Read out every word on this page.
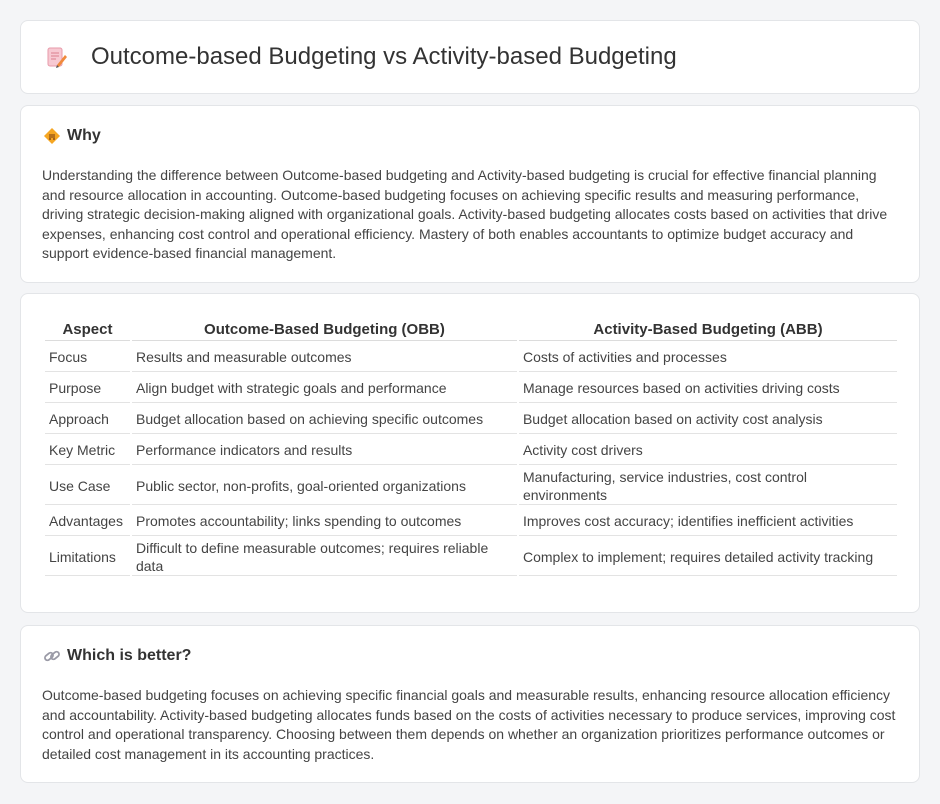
Outcome-based Budgeting vs Activity-based Budgeting
Why

Understanding the difference between Outcome-based budgeting and Activity-based budgeting is crucial for effective financial planning and resource allocation in accounting. Outcome-based budgeting focuses on achieving specific results and measuring performance, driving strategic decision-making aligned with organizational goals. Activity-based budgeting allocates costs based on activities that drive expenses, enhancing cost control and operational efficiency. Mastery of both enables accountants to optimize budget accuracy and support evidence-based financial management.

Aspect	Outcome-Based Budgeting (OBB)	Activity-Based Budgeting (ABB)
Focus	Results and measurable outcomes	Costs of activities and processes
Purpose	Align budget with strategic goals and performance	Manage resources based on activities driving costs
Approach	Budget allocation based on achieving specific outcomes	Budget allocation based on activity cost analysis
Key Metric	Performance indicators and results	Activity cost drivers
Use Case	Public sector, non-profits, goal-oriented organizations	Manufacturing, service industries, cost control environments
Advantages	Promotes accountability; links spending to outcomes	Improves cost accuracy; identifies inefficient activities
Limitations	Difficult to define measurable outcomes; requires reliable data	Complex to implement; requires detailed activity tracking
Which is better?

Outcome-based budgeting focuses on achieving specific financial goals and measurable results, enhancing resource allocation efficiency and accountability. Activity-based budgeting allocates funds based on the costs of activities necessary to produce services, improving cost control and operational transparency. Choosing between them depends on whether an organization prioritizes performance outcomes or detailed cost management in its accounting practices.
